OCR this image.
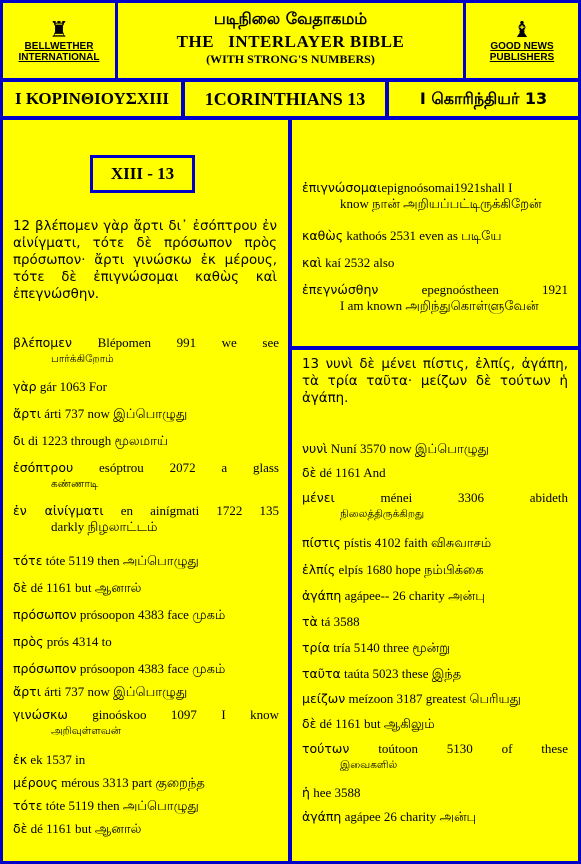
♜
BELLWETHER
INTERNATIONAL
படிநிலை வேதாகமம்
THE   INTERLAYER BIBLE
(WITH STRONG'S NUMBERS)
♝
GOOD NEWS
PUBLISHERS
I ΚΟΡΙΝΘΙΟΥΣXIII 1CORINTHIANS 13	I கொரிந்தியர் 13
XIII - 13
12 βλέπομεν γὰρ ἄρτι δι᾽ ἐσόπτρου ἐν αἰνίγματι, τότε δὲ πρόσωπον πρὸς πρόσωπον· ἄρτι γινώσκω ἐκ μέρους, τότε δὲ ἐπιγνώσομαι καθὼς καὶ ἐπεγνώσθην.
βλέπομεν Blépomen 991 we see
பார்க்கிறோம்
γὰρ gár 1063 For
ἄρτι árti 737 now இப்பொழுது
δι di 1223 through மூலமாய்
ἐσόπτρου esóptrou 2072 a glass
கண்ணாடி
ἐν αἰνίγματι en ainígmati 1722 135
darkly நிழலாட்டம்
τότε tóte 5119 then அப்பொழுது
δὲ dé 1161 but ஆனால்
πρόσωπον prósoopon 4383 face முகம்
πρὸς prós 4314 to
πρόσωπον prósoopon 4383 face முகம்
ἄρτι árti 737 now இப்பொழுது
γινώσκω ginoóskoo 1097 I know
அறிவுள்ளவன்
ἐκ ek 1537 in
μέρους mérous 3313 part குறைந்த
τότε tóte 5119 then அப்பொழுது
δὲ dé 1161 but ஆனால்
ἐπιγνώσομαιepignoósomai1921shall I
know நான் அறியப்பட்டிருக்கிறேன்
καθὼς kathoós 2531 even as படியே
καὶ kaí 2532 also
ἐπεγνώσθην	epegnoóstheen 1921
I am known அறிந்துகொள்ளுவேன்
13 νυνὶ δὲ μένει πίστις, ἐλπίς, ἀγάπη, τὰ τρία ταῦτα· μείζων δὲ τούτων ἡ ἀγάπη.
νυνὶ Nuní 3570 now இப்பொழுது
δὲ dé 1161 And
μένει	ménei 3306 abideth
நிலைத்திருக்கிறது
πίστις pístis 4102 faith விசுவாசம்
ἐλπίς elpís 1680 hope நம்பிக்கை
ἀγάπη agápee-- 26 charity அன்பு
τὰ tá 3588
τρία tría 5140 three மூன்று
ταῦτα taúta 5023 these இந்த
μείζων meízoon 3187 greatest பெரியது
δὲ dé 1161 but ஆகிலும்
τούτων toútoon 5130 of these
இவைகளில்
ἡ hee 3588
ἀγάπη agápee 26 charity அன்பு
